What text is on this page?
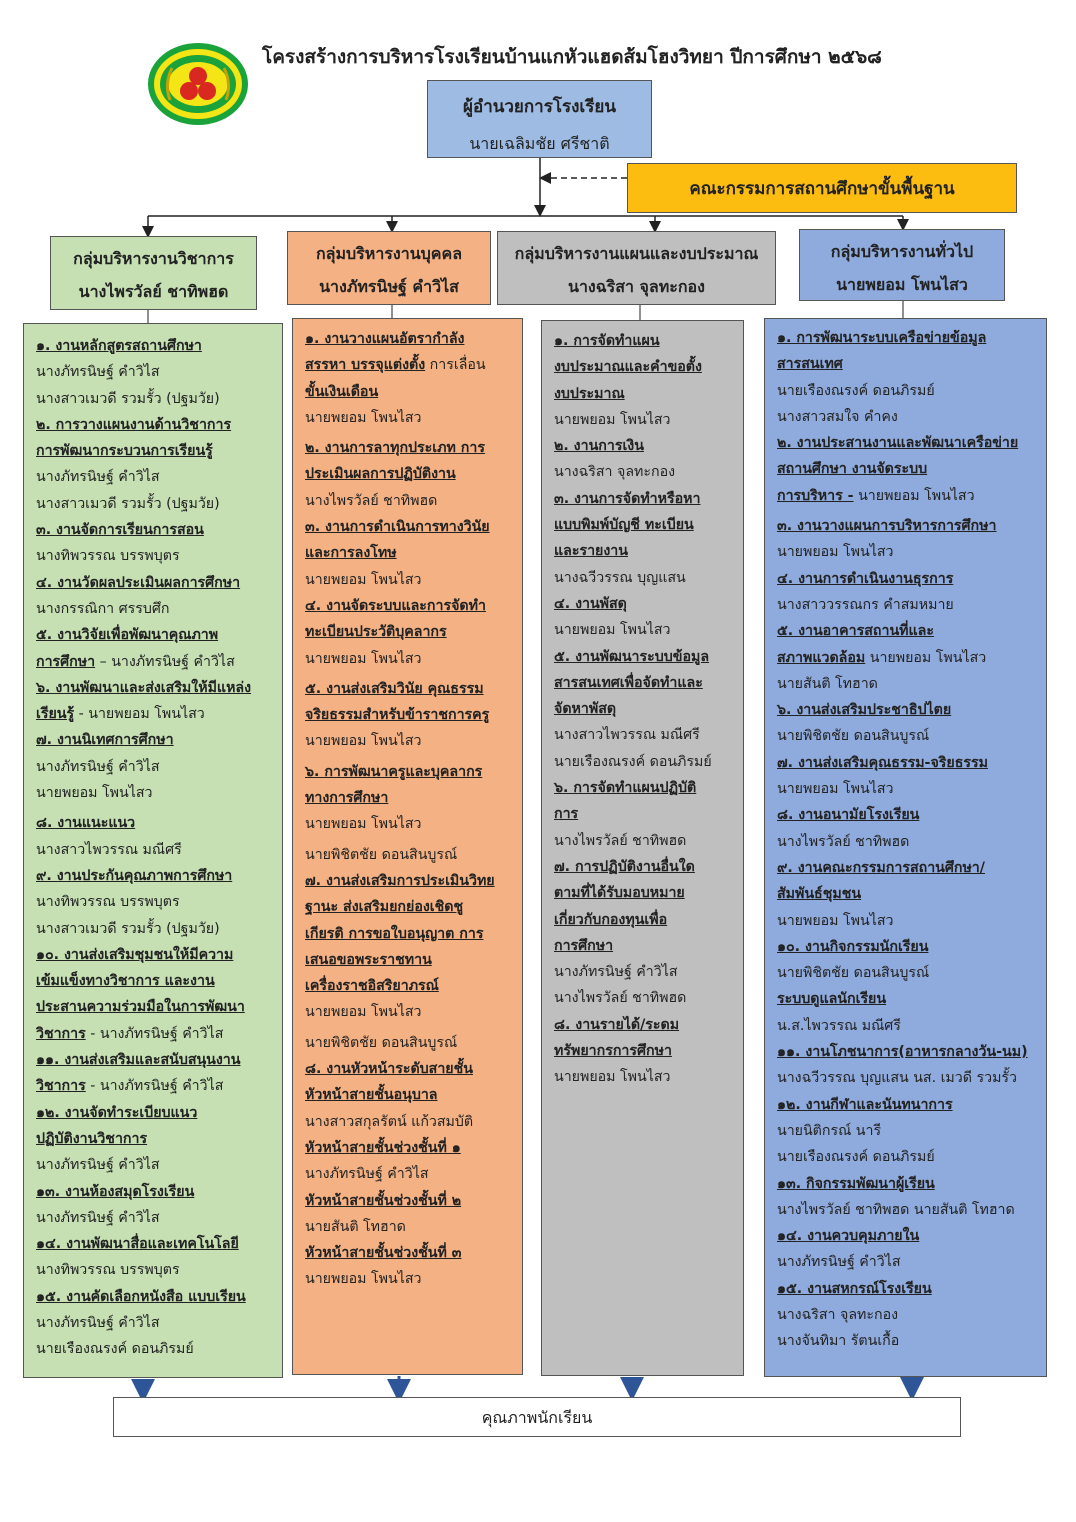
โครงสร้างการบริหารโรงเรียนบ้านแกหัวแฮดส้มโฮงวิทยา ปีการศึกษา ๒๕๖๘
ผู้อำนวยการโรงเรียน
นายเฉลิมชัย ศรีชาติ
คณะกรรมการสถานศึกษาขั้นพื้นฐาน
กลุ่มบริหารงานวิชาการ
นางไพรวัลย์ ชาทิพฮด
กลุ่มบริหารงานบุคคล
นางภัทรนิษฐ์ คำวิไส
กลุ่มบริหารงานแผนและงบประมาณ
นางฉริสา จุลทะกอง
กลุ่มบริหารงานทั่วไป
นายพยอม โพนไสว
๑. งานหลักสูตรสถานศึกษา
นางภัทรนิษฐ์ คำวิไส
นางสาวเมวดี รวมรั้ว (ปฐมวัย)
๒. การวางแผนงานด้านวิชาการ
การพัฒนากระบวนการเรียนรู้
นางภัทรนิษฐ์ คำวิไส
นางสาวเมวดี รวมรั้ว (ปฐมวัย)
๓. งานจัดการเรียนการสอน
นางทิพวรรณ บรรพบุตร
๔. งานวัดผลประเมินผลการศึกษา
นางกรรณิกา ศรรบศึก
๕. งานวิจัยเพื่อพัฒนาคุณภาพ
การศึกษา – นางภัทรนิษฐ์ คำวิไส
๖. งานพัฒนาและส่งเสริมให้มีแหล่ง
เรียนรู้ - นายพยอม โพนไสว
๗. งานนิเทศการศึกษา
นางภัทรนิษฐ์ คำวิไส
นายพยอม โพนไสว
๘. งานแนะแนว
นางสาวไพวรรณ มณีศรี
๙. งานประกันคุณภาพการศึกษา
นางทิพวรรณ บรรพบุตร
นางสาวเมวดี รวมรั้ว (ปฐมวัย)
๑๐. งานส่งเสริมชุมชนให้มีความ
เข้มแข็งทางวิชาการ และงาน
ประสานความร่วมมือในการพัฒนา
วิชาการ - นางภัทรนิษฐ์ คำวิไส
๑๑. งานส่งเสริมและสนับสนุนงาน
วิชาการ - นางภัทรนิษฐ์ คำวิไส
๑๒. งานจัดทำระเบียบแนว
ปฏิบัติงานวิชาการ
นางภัทรนิษฐ์ คำวิไส
๑๓. งานห้องสมุดโรงเรียน
นางภัทรนิษฐ์ คำวิไส
๑๔. งานพัฒนาสื่อและเทคโนโลยี
นางทิพวรรณ บรรพบุตร
๑๕. งานคัดเลือกหนังสือ แบบเรียน
นางภัทรนิษฐ์ คำวิไส
นายเรืองณรงค์ ดอนภิรมย์
๑. งานวางแผนอัตรากำลัง
สรรหา บรรจุแต่งตั้ง การเลื่อน
ขั้นเงินเดือน
นายพยอม โพนไสว
๒. งานการลาทุกประเภท การ
ประเมินผลการปฏิบัติงาน
นางไพรวัลย์ ชาทิพฮด
๓. งานการดำเนินการทางวินัย
และการลงโทษ
นายพยอม โพนไสว
๔. งานจัดระบบและการจัดทำ
ทะเบียนประวัติบุคลากร
นายพยอม โพนไสว
๕. งานส่งเสริมวินัย คุณธรรม
จริยธรรมสำหรับข้าราชการครู
นายพยอม โพนไสว
๖. การพัฒนาครูและบุคลากร
ทางการศึกษา
นายพยอม โพนไสว
นายพิชิตชัย ดอนสินบูรณ์
๗. งานส่งเสริมการประเมินวิทย
ฐานะ ส่งเสริมยกย่องเชิดชู
เกียรติ การขอใบอนุญาต การ
เสนอขอพระราชทาน
เครื่องราชอิสริยาภรณ์
นายพยอม โพนไสว
นายพิชิตชัย ดอนสินบูรณ์
๘. งานหัวหน้าระดับสายชั้น
หัวหน้าสายชั้นอนุบาล
นางสาวสกุลรัตน์ แก้วสมบัติ
หัวหน้าสายชั้นช่วงชั้นที่ ๑
นางภัทรนิษฐ์ คำวิไส
หัวหน้าสายชั้นช่วงชั้นที่ ๒
นายสันติ โทฮาด
หัวหน้าสายชั้นช่วงชั้นที่ ๓
นายพยอม โพนไสว
๑. การจัดทำแผน
งบประมาณและคำขอตั้ง
งบประมาณ
นายพยอม โพนไสว
๒. งานการเงิน
นางฉริสา จุลทะกอง
๓. งานการจัดทำหรือหา
แบบพิมพ์บัญชี ทะเบียน
และรายงาน
นางฉวีวรรณ บุญแสน
๔. งานพัสดุ
นายพยอม โพนไสว
๕. งานพัฒนาระบบข้อมูล
สารสนเทศเพื่อจัดทำและ
จัดหาพัสดุ
นางสาวไพวรรณ มณีศรี
นายเรืองณรงค์ ดอนภิรมย์
๖. การจัดทำแผนปฏิบัติ
การ
นางไพรวัลย์ ชาทิพฮด
๗. การปฏิบัติงานอื่นใด
ตามที่ได้รับมอบหมาย
เกี่ยวกับกองทุนเพื่อ
การศึกษา
นางภัทรนิษฐ์ คำวิไส
นางไพรวัลย์ ชาทิพฮด
๘. งานรายได้/ระดม
ทรัพยากรการศึกษา
นายพยอม โพนไสว
๑. การพัฒนาระบบเครือข่ายข้อมูล
สารสนเทศ
นายเรืองณรงค์ ดอนภิรมย์
นางสาวสมใจ คำคง
๒. งานประสานงานและพัฒนาเครือข่าย
สถานศึกษา งานจัดระบบ
การบริหาร - นายพยอม โพนไสว
๓. งานวางแผนการบริหารการศึกษา
นายพยอม โพนไสว
๔. งานการดำเนินงานธุรการ
นางสาววรรณกร คำสมหมาย
๕. งานอาคารสถานที่และ
สภาพแวดล้อม นายพยอม โพนไสว
นายสันติ โทฮาด
๖. งานส่งเสริมประชาธิปไตย
นายพิชิตชัย ดอนสินบูรณ์
๗. งานส่งเสริมคุณธรรม-จริยธรรม
นายพยอม โพนไสว
๘. งานอนามัยโรงเรียน
นางไพรวัลย์ ชาทิพฮด
๙. งานคณะกรรมการสถานศึกษา/
สัมพันธ์ชุมชน
นายพยอม โพนไสว
๑๐. งานกิจกรรมนักเรียน
นายพิชิตชัย ดอนสินบูรณ์
ระบบดูแลนักเรียน
น.ส.ไพวรรณ มณีศรี
๑๑. งานโภชนาการ(อาหารกลางวัน-นม)
นางฉวีวรรณ บุญแสน นส. เมวดี รวมรั้ว
๑๒. งานกีฬาและนันทนาการ
นายนิติกรณ์ นารี
นายเรืองณรงค์ ดอนภิรมย์
๑๓. กิจกรรมพัฒนาผู้เรียน
นางไพรวัลย์ ชาทิพฮด นายสันติ โทฮาด
๑๔. งานควบคุมภายใน
นางภัทรนิษฐ์ คำวิไส
๑๕. งานสหกรณ์โรงเรียน
นางฉริสา จุลทะกอง
นางจันทิมา รัตนเกื้อ
คุณภาพนักเรียน
